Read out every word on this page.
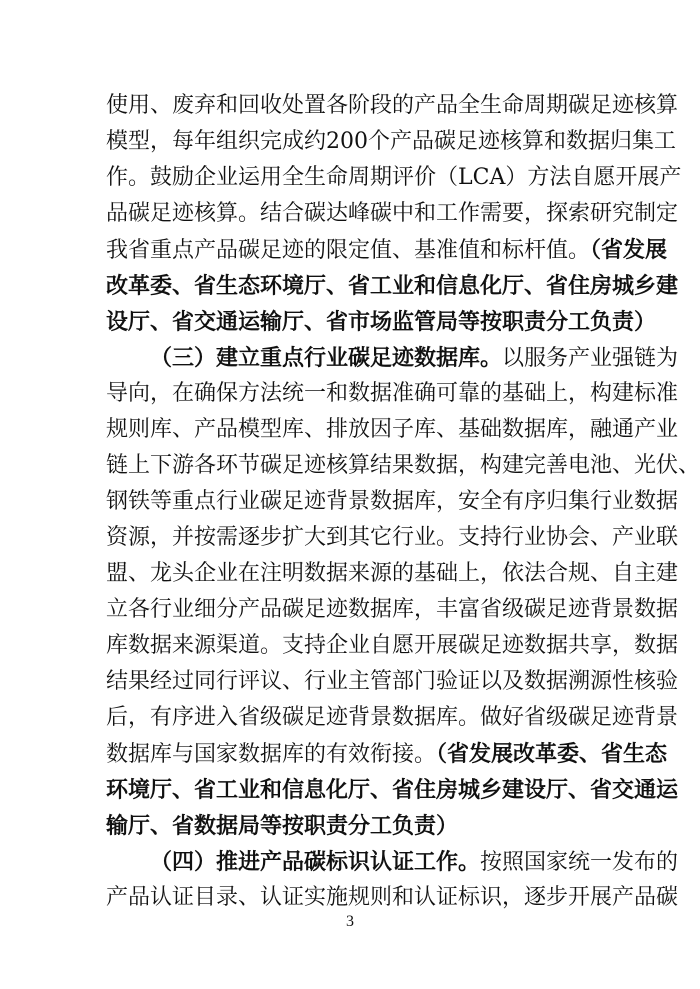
使用、废弃和回收处置各阶段的产品全生命周期碳足迹核算
模型，每年组织完成约200个产品碳足迹核算和数据归集工
作。鼓励企业运用全生命周期评价（LCA）方法自愿开展产
品碳足迹核算。结合碳达峰碳中和工作需要，探索研究制定
我省重点产品碳足迹的限定值、基准值和标杆值。（省发展
改革委、省生态环境厅、省工业和信息化厅、省住房城乡建
设厅、省交通运输厅、省市场监管局等按职责分工负责）
（三）建立重点行业碳足迹数据库。以服务产业强链为
导向，在确保方法统一和数据准确可靠的基础上，构建标准
规则库、产品模型库、排放因子库、基础数据库，融通产业
链上下游各环节碳足迹核算结果数据，构建完善电池、光伏、
钢铁等重点行业碳足迹背景数据库，安全有序归集行业数据
资源，并按需逐步扩大到其它行业。支持行业协会、产业联
盟、龙头企业在注明数据来源的基础上，依法合规、自主建
立各行业细分产品碳足迹数据库，丰富省级碳足迹背景数据
库数据来源渠道。支持企业自愿开展碳足迹数据共享，数据
结果经过同行评议、行业主管部门验证以及数据溯源性核验
后，有序进入省级碳足迹背景数据库。做好省级碳足迹背景
数据库与国家数据库的有效衔接。（省发展改革委、省生态
环境厅、省工业和信息化厅、省住房城乡建设厅、省交通运
输厅、省数据局等按职责分工负责）
（四）推进产品碳标识认证工作。按照国家统一发布的
产品认证目录、认证实施规则和认证标识，逐步开展产品碳
3
